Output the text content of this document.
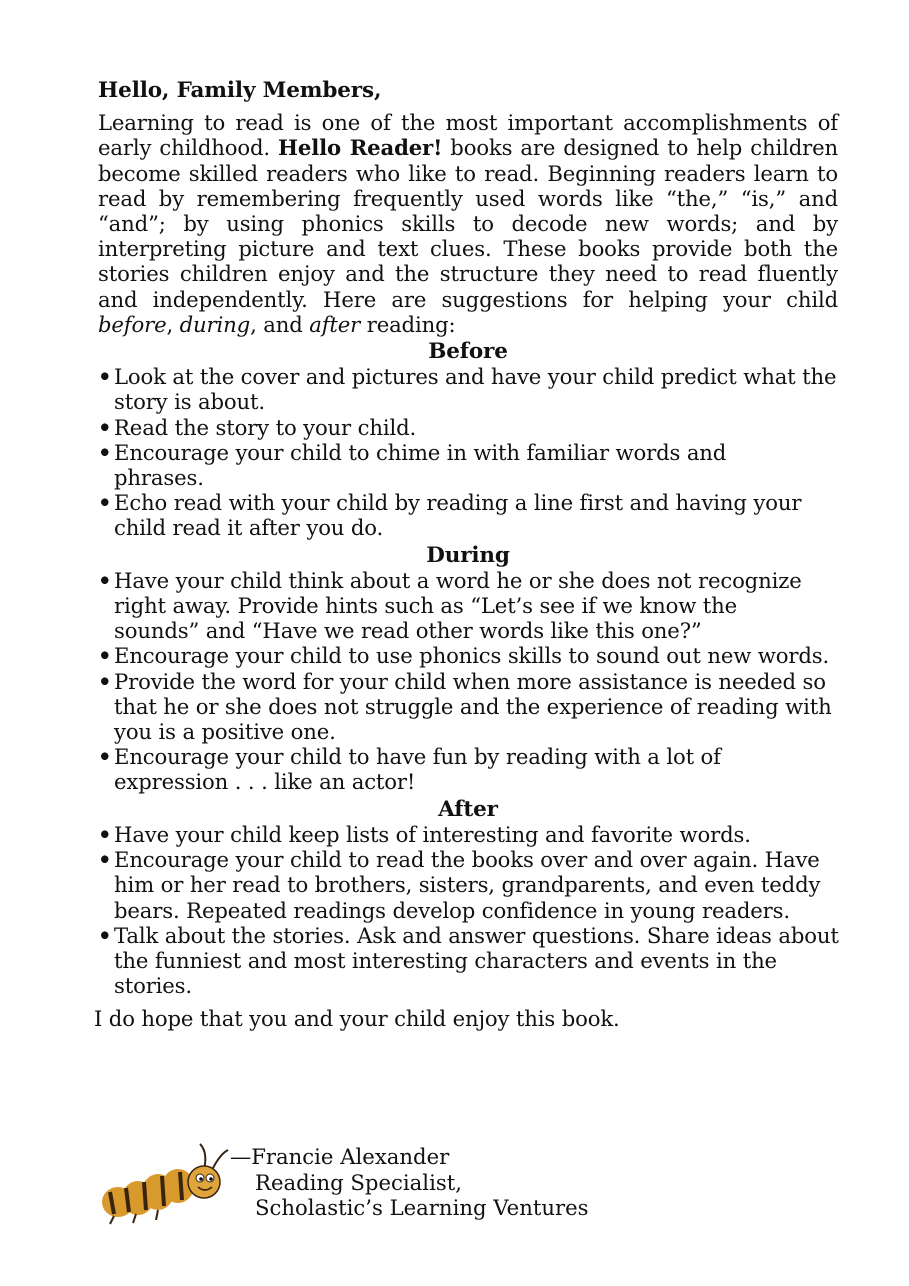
Hello, Family Members,

Learning to read is one of the most important accomplishments of early childhood. Hello Reader! books are designed to help children become skilled readers who like to read. Beginning readers learn to read by remembering frequently used words like “the,” “is,” and “and”; by using phonics skills to decode new words; and by interpreting picture and text clues. These books provide both the stories children enjoy and the structure they need to read fluently and independently. Here are suggestions for helping your child before, during, and after reading:

Before
• Look at the cover and pictures and have your child predict what the story is about.
• Read the story to your child.
• Encourage your child to chime in with familiar words and phrases.
• Echo read with your child by reading a line first and having your child read it after you do.
During
• Have your child think about a word he or she does not recognize right away. Provide hints such as “Let’s see if we know the sounds” and “Have we read other words like this one?”
• Encourage your child to use phonics skills to sound out new words.
• Provide the word for your child when more assistance is needed so that he or she does not struggle and the experience of reading with you is a positive one.
• Encourage your child to have fun by reading with a lot of expression . . . like an actor!
After
• Have your child keep lists of interesting and favorite words.
• Encourage your child to read the books over and over again. Have him or her read to brothers, sisters, grandparents, and even teddy bears. Repeated readings develop confidence in young readers.
• Talk about the stories. Ask and answer questions. Share ideas about the funniest and most interesting characters and events in the stories.

I do hope that you and your child enjoy this book.

—Francie Alexander
Reading Specialist,
Scholastic’s Learning Ventures
